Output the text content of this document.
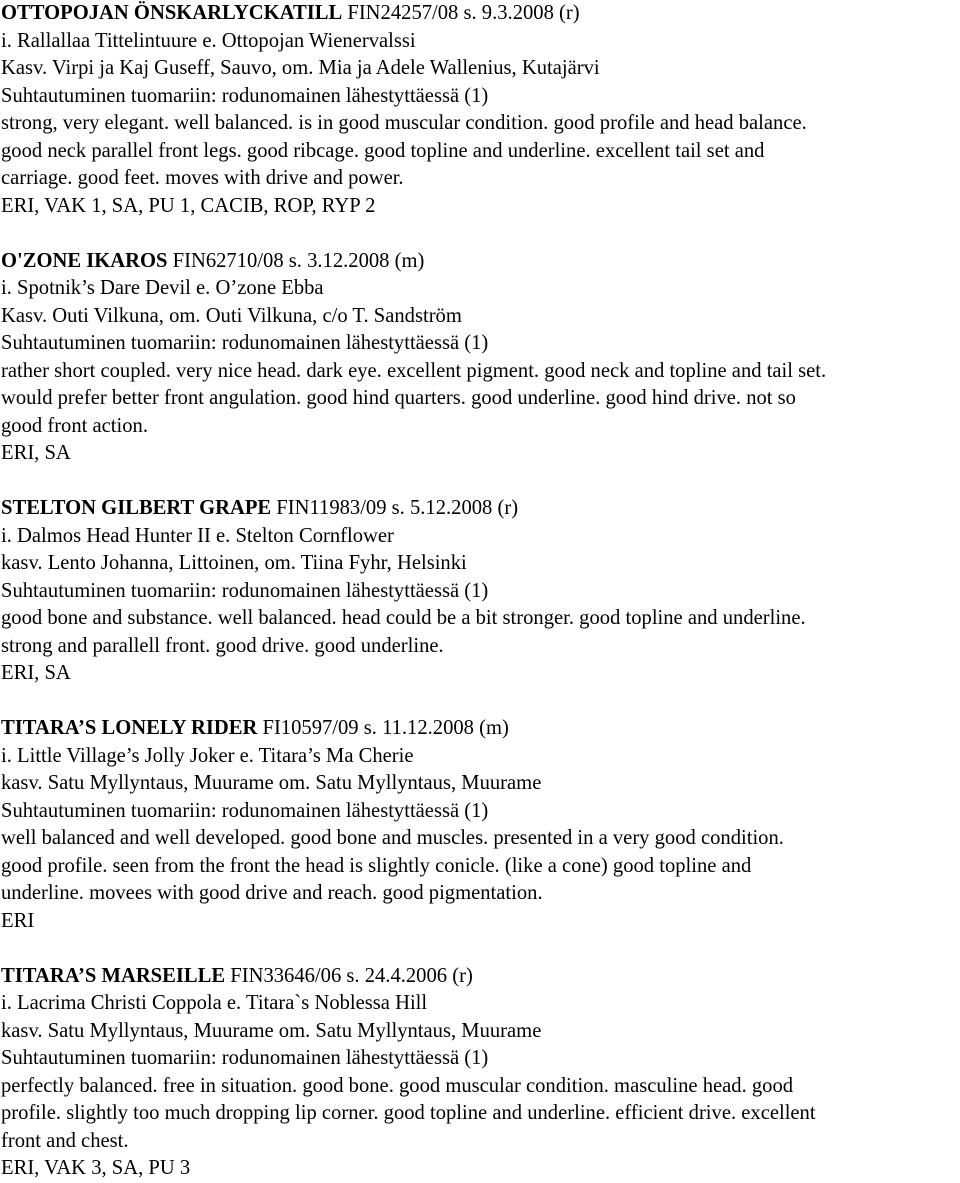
OTTOPOJAN ÖNSKARLYCKATILL FIN24257/08 s. 9.3.2008 (r)
i. Rallallaa Tittelintuure e. Ottopojan Wienervalssi
Kasv. Virpi ja Kaj Guseff, Sauvo, om. Mia ja Adele Wallenius, Kutajärvi
Suhtautuminen tuomariin: rodunomainen lähestyttäessä (1)
strong, very elegant. well balanced. is in good muscular condition. good profile and head balance.
good neck parallel front legs. good ribcage. good topline and underline. excellent tail set and
carriage. good feet. moves with drive and power.
ERI, VAK 1, SA, PU 1, CACIB, ROP, RYP 2
O'ZONE IKAROS FIN62710/08 s. 3.12.2008 (m)
i. Spotnik’s Dare Devil e. O’zone Ebba
Kasv. Outi Vilkuna, om. Outi Vilkuna, c/o T. Sandström
Suhtautuminen tuomariin: rodunomainen lähestyttäessä (1)
rather short coupled. very nice head. dark eye. excellent pigment. good neck and topline and tail set.
would prefer better front angulation. good hind quarters. good underline. good hind drive. not so
good front action.
ERI, SA
STELTON GILBERT GRAPE FIN11983/09 s. 5.12.2008 (r)
i. Dalmos Head Hunter II e. Stelton Cornflower
kasv. Lento Johanna, Littoinen, om. Tiina Fyhr, Helsinki
Suhtautuminen tuomariin: rodunomainen lähestyttäessä (1)
good bone and substance. well balanced. head could be a bit stronger. good topline and underline.
strong and parallell front. good drive. good underline.
ERI, SA
TITARA’S LONELY RIDER FI10597/09 s. 11.12.2008 (m)
i. Little Village’s Jolly Joker e. Titara’s Ma Cherie
kasv. Satu Myllyntaus, Muurame om. Satu Myllyntaus, Muurame
Suhtautuminen tuomariin: rodunomainen lähestyttäessä (1)
well balanced and well developed. good bone and muscles. presented in a very good condition.
good profile. seen from the front the head is slightly conicle. (like a cone) good topline and
underline. movees with good drive and reach. good pigmentation.
ERI
TITARA’S MARSEILLE FIN33646/06 s. 24.4.2006 (r)
i. Lacrima Christi Coppola e. Titara`s Noblessa Hill
kasv. Satu Myllyntaus, Muurame om. Satu Myllyntaus, Muurame
Suhtautuminen tuomariin: rodunomainen lähestyttäessä (1)
perfectly balanced. free in situation. good bone. good muscular condition. masculine head. good
profile. slightly too much dropping lip corner. good topline and underline. efficient drive. excellent
front and chest.
ERI, VAK 3, SA, PU 3
